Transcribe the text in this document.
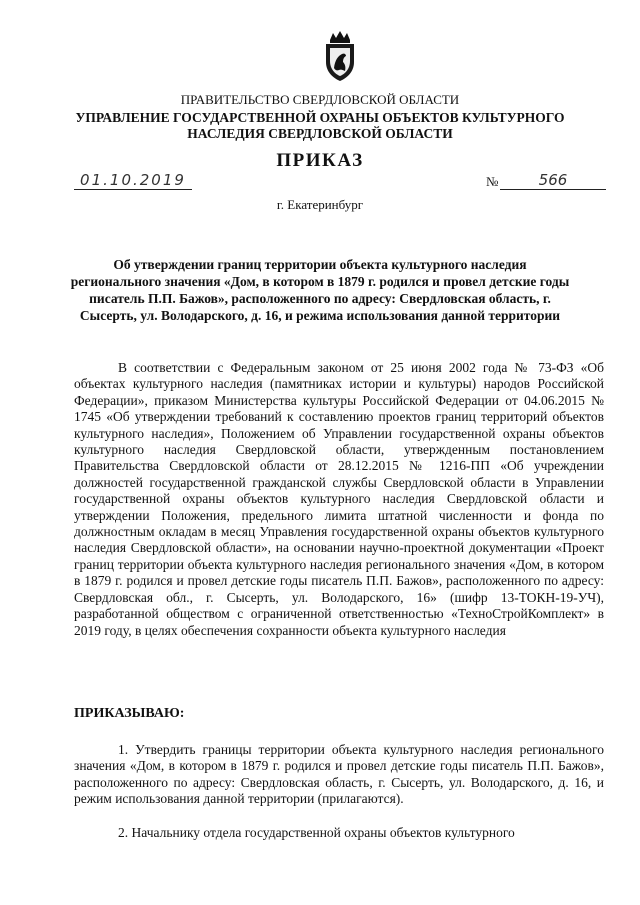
ПРАВИТЕЛЬСТВО СВЕРДЛОВСКОЙ ОБЛАСТИ
УПРАВЛЕНИЕ ГОСУДАРСТВЕННОЙ ОХРАНЫ ОБЪЕКТОВ КУЛЬТУРНОГО НАСЛЕДИЯ СВЕРДЛОВСКОЙ ОБЛАСТИ
ПРИКАЗ
01.10.2019	№	566
г. Екатеринбург
Об утверждении границ территории объекта культурного наследия регионального значения «Дом, в котором в 1879 г. родился и провел детские годы писатель П.П. Бажов», расположенного по адресу: Свердловская область, г. Сысерть, ул. Володарского, д. 16, и режима использования данной территории
В соответствии с Федеральным законом от 25 июня 2002 года № 73-ФЗ «Об объектах культурного наследия (памятниках истории и культуры) народов Российской Федерации», приказом Министерства культуры Российской Федерации от 04.06.2015 № 1745 «Об утверждении требований к составлению проектов границ территорий объектов культурного наследия», Положением об Управлении государственной охраны объектов культурного наследия Свердловской области, утвержденным постановлением Правительства Свердловской области от 28.12.2015 № 1216-ПП «Об учреждении должностей государственной гражданской службы Свердловской области в Управлении государственной охраны объектов культурного наследия Свердловской области и утверждении Положения, предельного лимита штатной численности и фонда по должностным окладам в месяц Управления государственной охраны объектов культурного наследия Свердловской области», на основании научно-проектной документации «Проект границ территории объекта культурного наследия регионального значения «Дом, в котором в 1879 г. родился и провел детские годы писатель П.П. Бажов», расположенного по адресу: Свердловская обл., г. Сысерть, ул. Володарского, 16» (шифр 13-ТОКН-19-УЧ), разработанной обществом с ограниченной ответственностью «ТехноСтройКомплект» в 2019 году, в целях обеспечения сохранности объекта культурного наследия
ПРИКАЗЫВАЮ:
1. Утвердить границы территории объекта культурного наследия регионального значения «Дом, в котором в 1879 г. родился и провел детские годы писатель П.П. Бажов», расположенного по адресу: Свердловская область, г. Сысерть, ул. Володарского, д. 16, и режим использования данной территории (прилагаются).
2. Начальнику отдела государственной охраны объектов культурного
